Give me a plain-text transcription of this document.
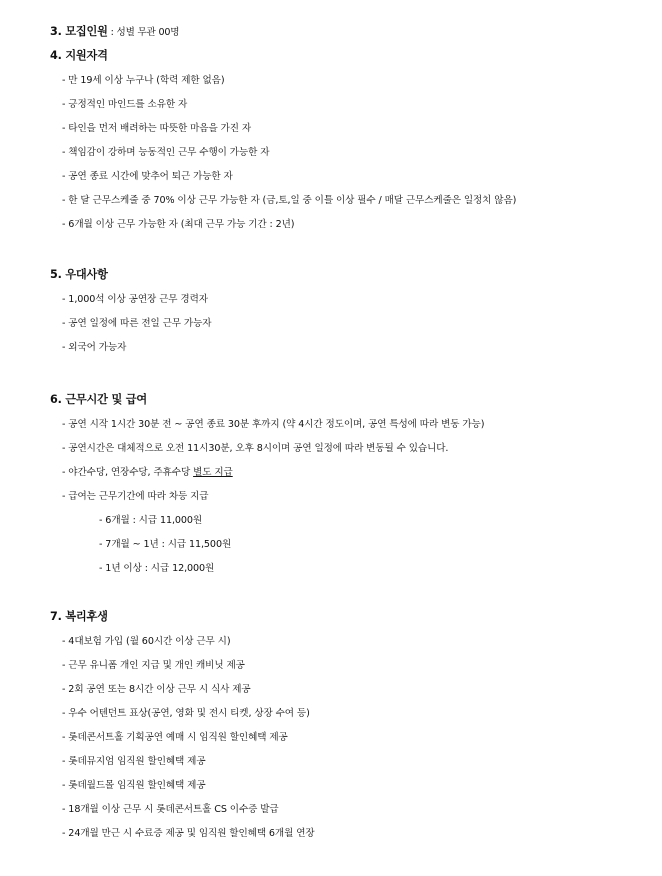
3. 모집인원 : 성별 무관 00명
4. 지원자격
- 만 19세 이상 누구나 (학력 제한 없음)
- 긍정적인 마인드를 소유한 자
- 타인을 먼저 배려하는 따뜻한 마음을 가진 자
- 책임감이 강하며 능동적인 근무 수행이 가능한 자
- 공연 종료 시간에 맞추어 퇴근 가능한 자
- 한 달 근무스케줄 중 70% 이상 근무 가능한 자 (금,토,일 중 이틀 이상 필수 / 매달 근무스케줄은 일정치 않음)
- 6개월 이상 근무 가능한 자 (최대 근무 가능 기간 : 2년)
5. 우대사항
- 1,000석 이상 공연장 근무 경력자
- 공연 일정에 따른 전일 근무 가능자
- 외국어 가능자
6. 근무시간 및 급여
- 공연 시작 1시간 30분 전 ~ 공연 종료 30분 후까지 (약 4시간 정도이며, 공연 특성에 따라 변동 가능)
- 공연시간은 대체적으로 오전 11시30분, 오후 8시이며 공연 일정에 따라 변동될 수 있습니다.
- 야간수당, 연장수당, 주휴수당 별도 지급
- 급여는 근무기간에 따라 차등 지급
- 6개월 : 시급 11,000원
- 7개월 ~ 1년 : 시급 11,500원
- 1년 이상 : 시급 12,000원
7. 복리후생
- 4대보험 가입 (월 60시간 이상 근무 시)
- 근무 유니폼 개인 지급 및 개인 캐비닛 제공
- 2회 공연 또는 8시간 이상 근무 시 식사 제공
- 우수 어텐던트 표상(공연, 영화 및 전시 티켓, 상장 수여 등)
- 롯데콘서트홀 기획공연 예매 시 임직원 할인혜택 제공
- 롯데뮤지엄 임직원 할인혜택 제공
- 롯데월드몰 임직원 할인혜택 제공
- 18개월 이상 근무 시 롯데콘서트홀 CS 이수증 발급
- 24개월 만근 시 수료증 제공 및 임직원 할인혜택 6개월 연장
